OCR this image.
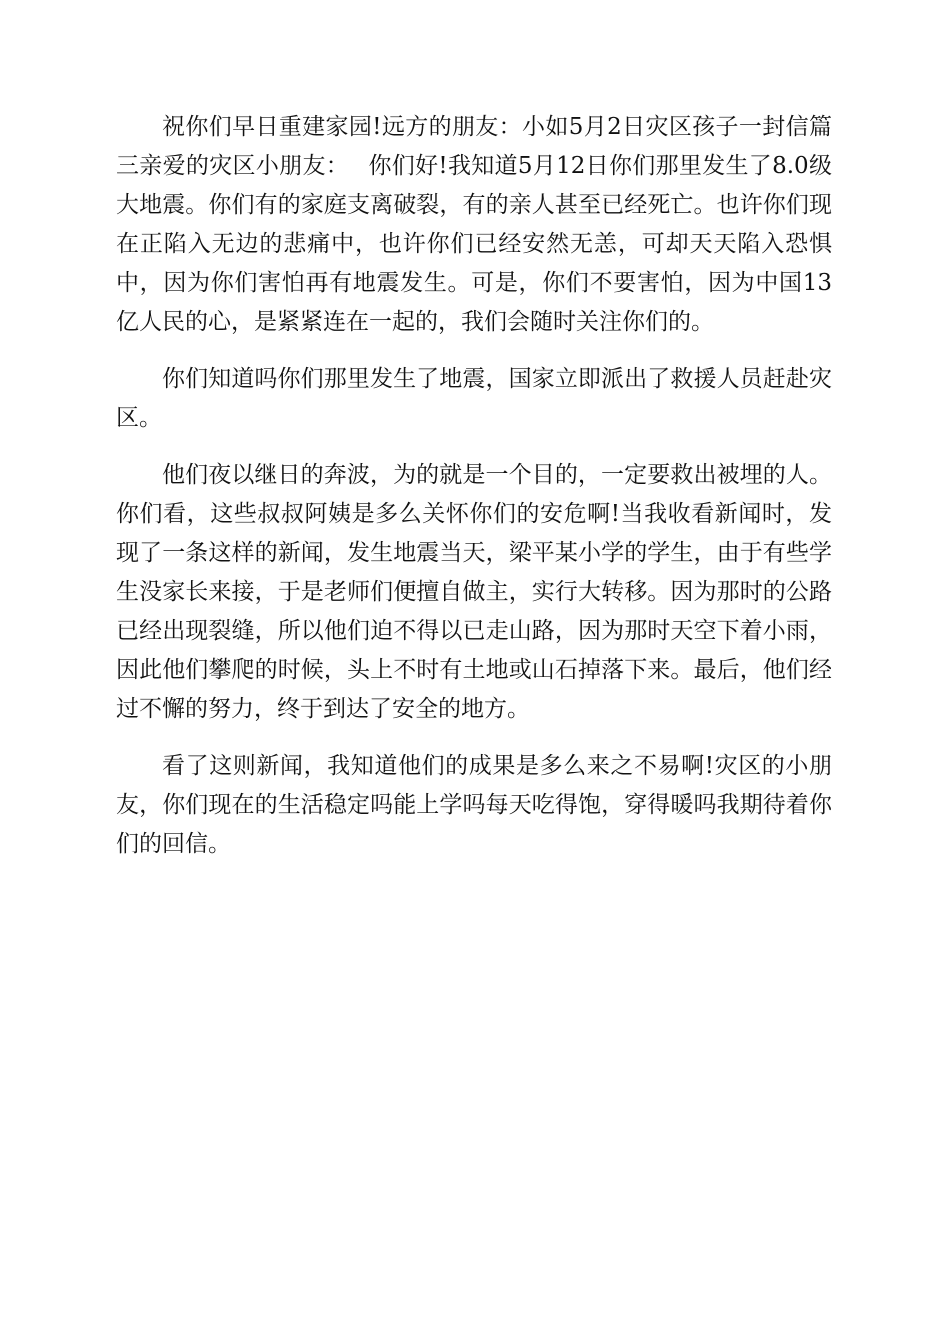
祝你们早日重建家园!远方的朋友：小如5月2日灾区孩子一封信篇三亲爱的灾区小朋友：　 你们好!我知道5月12日你们那里发生了8.0级大地震。你们有的家庭支离破裂，有的亲人甚至已经死亡。也许你们现在正陷入无边的悲痛中，也许你们已经安然无恙，可却天天陷入恐惧中，因为你们害怕再有地震发生。可是，你们不要害怕，因为中国13亿人民的心，是紧紧连在一起的，我们会随时关注你们的。

你们知道吗你们那里发生了地震，国家立即派出了救援人员赶赴灾区。

他们夜以继日的奔波，为的就是一个目的，一定要救出被埋的人。你们看，这些叔叔阿姨是多么关怀你们的安危啊!当我收看新闻时，发现了一条这样的新闻，发生地震当天，梁平某小学的学生，由于有些学生没家长来接，于是老师们便擅自做主，实行大转移。因为那时的公路已经出现裂缝，所以他们迫不得以已走山路，因为那时天空下着小雨，因此他们攀爬的时候，头上不时有土地或山石掉落下来。最后，他们经过不懈的努力，终于到达了安全的地方。

看了这则新闻，我知道他们的成果是多么来之不易啊!灾区的小朋友，你们现在的生活稳定吗能上学吗每天吃得饱，穿得暖吗我期待着你们的回信。
